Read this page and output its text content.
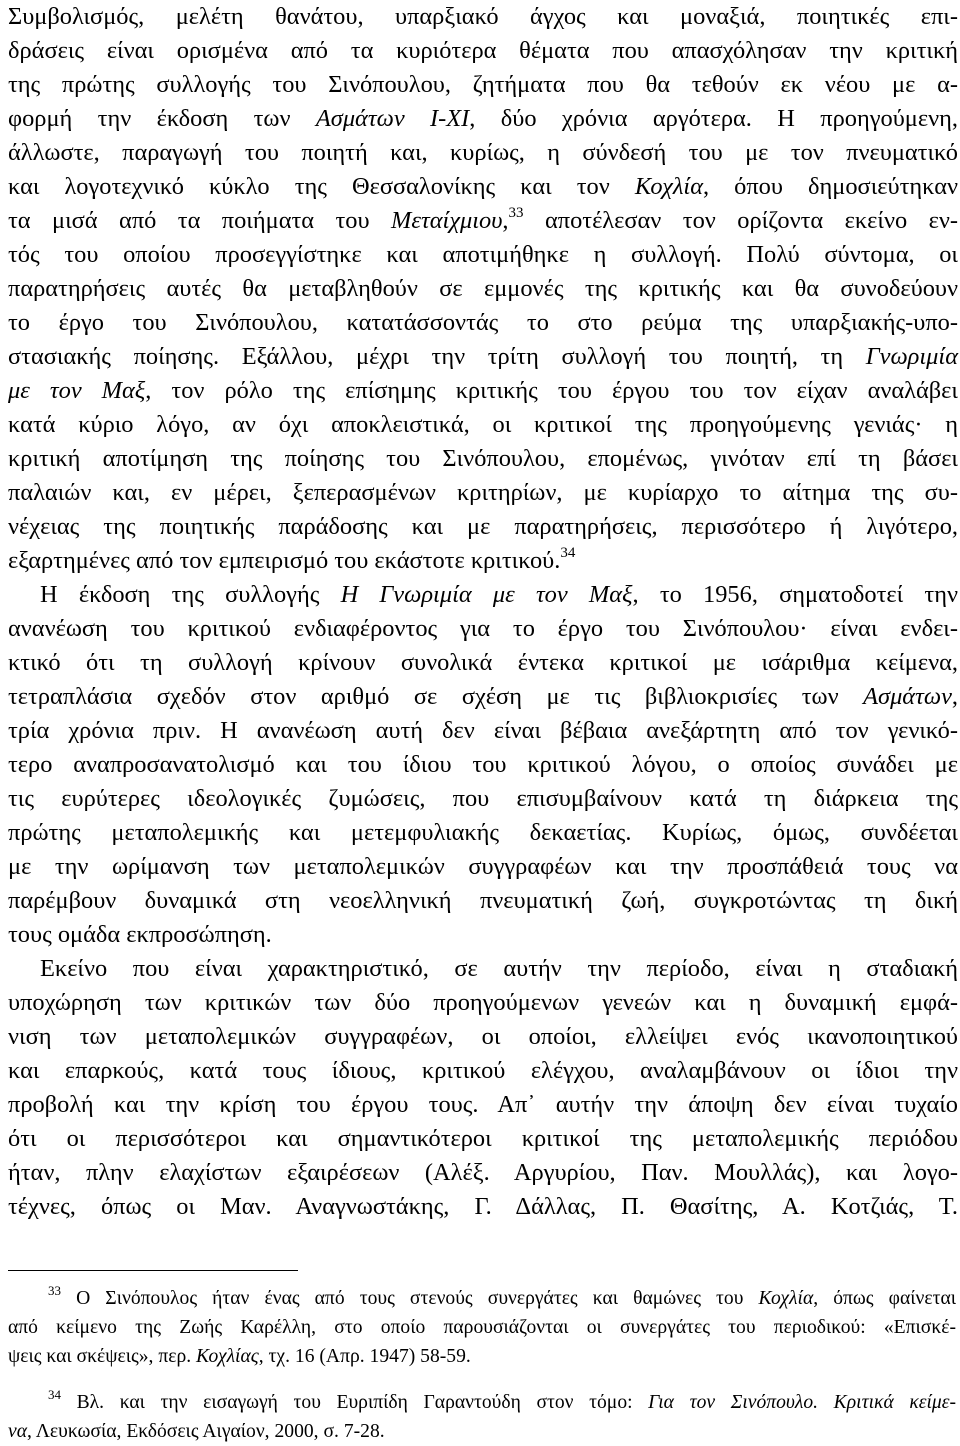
Συμβολισμός, μελέτη θανάτου, υπαρξιακό άγχος και μοναξιά, ποιητικές επι-
δράσεις είναι ορισμένα από τα κυριότερα θέματα που απασχόλησαν την κριτική
της πρώτης συλλογής του Σινόπουλου, ζητήματα που θα τεθούν εκ νέου με α-
φορμή την έκδοση των Ασμάτων Ι-ΧΙ, δύο χρόνια αργότερα. Η προηγούμενη,
άλλωστε, παραγωγή του ποιητή και, κυρίως, η σύνδεσή του με τον πνευματικό
και λογοτεχνικό κύκλο της Θεσσαλονίκης και τον Κοχλία, όπου δημοσιεύτηκαν
τα μισά από τα ποιήματα του Μεταίχμιου,$^{33}$ αποτέλεσαν τον ορίζοντα εκείνο εν-
τός του οποίου προσεγγίστηκε και αποτιμήθηκε η συλλογή. Πολύ σύντομα, οι
παρατηρήσεις αυτές θα μεταβληθούν σε εμμονές της κριτικής και θα συνοδεύουν
το έργο του Σινόπουλου, κατατάσσοντάς το στο ρεύμα της υπαρξιακής-υπο-
στασιακής ποίησης. Εξάλλου, μέχρι την τρίτη συλλογή του ποιητή, τη Γνωριμία
με τον Μαξ, τον ρόλο της επίσημης κριτικής του έργου του τον είχαν αναλάβει
κατά κύριο λόγο, αν όχι αποκλειστικά, οι κριτικοί της προηγούμενης γενιάς· η
κριτική αποτίμηση της ποίησης του Σινόπουλου, επομένως, γινόταν επί τη βάσει
παλαιών και, εν μέρει, ξεπερασμένων κριτηρίων, με κυρίαρχο το αίτημα της συ-
νέχειας της ποιητικής παράδοσης και με παρατηρήσεις, περισσότερο ή λιγότερο,
εξαρτημένες από τον εμπειρισμό του εκάστοτε κριτικού.$^{34}$
Η έκδοση της συλλογής Η Γνωριμία με τον Μαξ, το 1956, σηματοδοτεί την
ανανέωση του κριτικού ενδιαφέροντος για το έργο του Σινόπουλου· είναι ενδει-
κτικό ότι τη συλλογή κρίνουν συνολικά έντεκα κριτικοί με ισάριθμα κείμενα,
τετραπλάσια σχεδόν στον αριθμό σε σχέση με τις βιβλιοκρισίες των Ασμάτων,
τρία χρόνια πριν. Η ανανέωση αυτή δεν είναι βέβαια ανεξάρτητη από τον γενικό-
τερο αναπροσανατολισμό και του ίδιου του κριτικού λόγου, ο οποίος συνάδει με
τις ευρύτερες ιδεολογικές ζυμώσεις, που επισυμβαίνουν κατά τη διάρκεια της
πρώτης μεταπολεμικής και μετεμφυλιακής δεκαετίας. Κυρίως, όμως, συνδέεται
με την ωρίμανση των μεταπολεμικών συγγραφέων και την προσπάθειά τους να
παρέμβουν δυναμικά στη νεοελληνική πνευματική ζωή, συγκροτώντας τη δική
τους ομάδα εκπροσώπηση.
Εκείνο που είναι χαρακτηριστικό, σε αυτήν την περίοδο, είναι η σταδιακή
υποχώρηση των κριτικών των δύο προηγούμενων γενεών και η δυναμική εμφά-
νιση των μεταπολεμικών συγγραφέων, οι οποίοι, ελλείψει ενός ικανοποιητικού
και επαρκούς, κατά τους ίδιους, κριτικού ελέγχου, αναλαμβάνουν οι ίδιοι την
προβολή και την κρίση του έργου τους. Απ᾽ αυτήν την άποψη δεν είναι τυχαίο
ότι οι περισσότεροι και σημαντικότεροι κριτικοί της μεταπολεμικής περιόδου
ήταν, πλην ελαχίστων εξαιρέσεων (Αλέξ. Αργυρίου, Παν. Μουλλάς), και λογο-
τέχνες, όπως οι Μαν. Αναγνωστάκης, Γ. Δάλλας, Π. Θασίτης, Α. Κοτζιάς, Τ.
$^{33}$ Ο Σινόπουλος ήταν ένας από τους στενούς συνεργάτες και θαμώνες του Κοχλία, όπως φαίνεται
από κείμενο της Ζωής Καρέλλη, στο οποίο παρουσιάζονται οι συνεργάτες του περιοδικού: «Επισκέ-
ψεις και σκέψεις», περ. Κοχλίας, τχ. 16 (Απρ. 1947) 58-59.
$^{34}$ Βλ. και την εισαγωγή του Ευριπίδη Γαραντούδη στον τόμο: Για τον Σινόπουλο. Κριτικά κείμε-
να, Λευκωσία, Εκδόσεις Αιγαίον, 2000, σ. 7-28.
